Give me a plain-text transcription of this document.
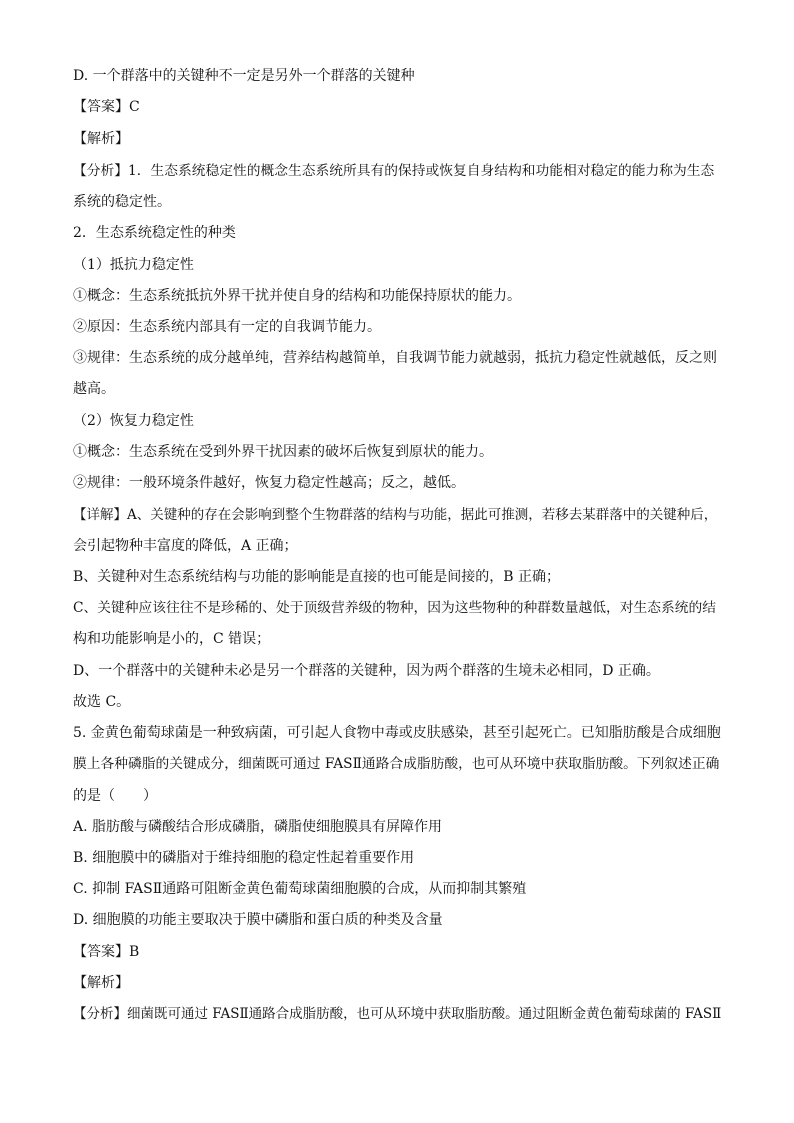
D. 一个群落中的关键种不一定是另外一个群落的关键种
【答案】C
【解析】
【分析】1．生态系统稳定性的概念生态系统所具有的保持或恢复自身结构和功能相对稳定的能力称为生态
系统的稳定性。
2．生态系统稳定性的种类
（1）抵抗力稳定性
①概念：生态系统抵抗外界干扰并使自身的结构和功能保持原状的能力。
②原因：生态系统内部具有一定的自我调节能力。
③规律：生态系统的成分越单纯，营养结构越简单，自我调节能力就越弱，抵抗力稳定性就越低，反之则
越高。
（2）恢复力稳定性
①概念：生态系统在受到外界干扰因素的破坏后恢复到原状的能力。
②规律：一般环境条件越好，恢复力稳定性越高；反之，越低。
【详解】A、关键种的存在会影响到整个生物群落的结构与功能，据此可推测，若移去某群落中的关键种后，
会引起物种丰富度的降低，A 正确；
B、关键种对生态系统结构与功能的影响能是直接的也可能是间接的，B 正确；
C、关键种应该往往不是珍稀的、处于顶级营养级的物种，因为这些物种的种群数量越低，对生态系统的结
构和功能影响是小的，C 错误；
D、一个群落中的关键种未必是另一个群落的关键种，因为两个群落的生境未必相同，D 正确。
故选 C。
5. 金黄色葡萄球菌是一种致病菌，可引起人食物中毒或皮肤感染，甚至引起死亡。已知脂肪酸是合成细胞
膜上各种磷脂的关键成分，细菌既可通过 FASⅡ通路合成脂肪酸，也可从环境中获取脂肪酸。下列叙述正确
的是（　　）
A. 脂肪酸与磷酸结合形成磷脂，磷脂使细胞膜具有屏障作用
B. 细胞膜中的磷脂对于维持细胞的稳定性起着重要作用
C. 抑制 FASⅡ通路可阻断金黄色葡萄球菌细胞膜的合成，从而抑制其繁殖
D. 细胞膜的功能主要取决于膜中磷脂和蛋白质的种类及含量
【答案】B
【解析】
【分析】细菌既可通过 FASⅡ通路合成脂肪酸，也可从环境中获取脂肪酸。通过阻断金黄色葡萄球菌的 FASⅡ
